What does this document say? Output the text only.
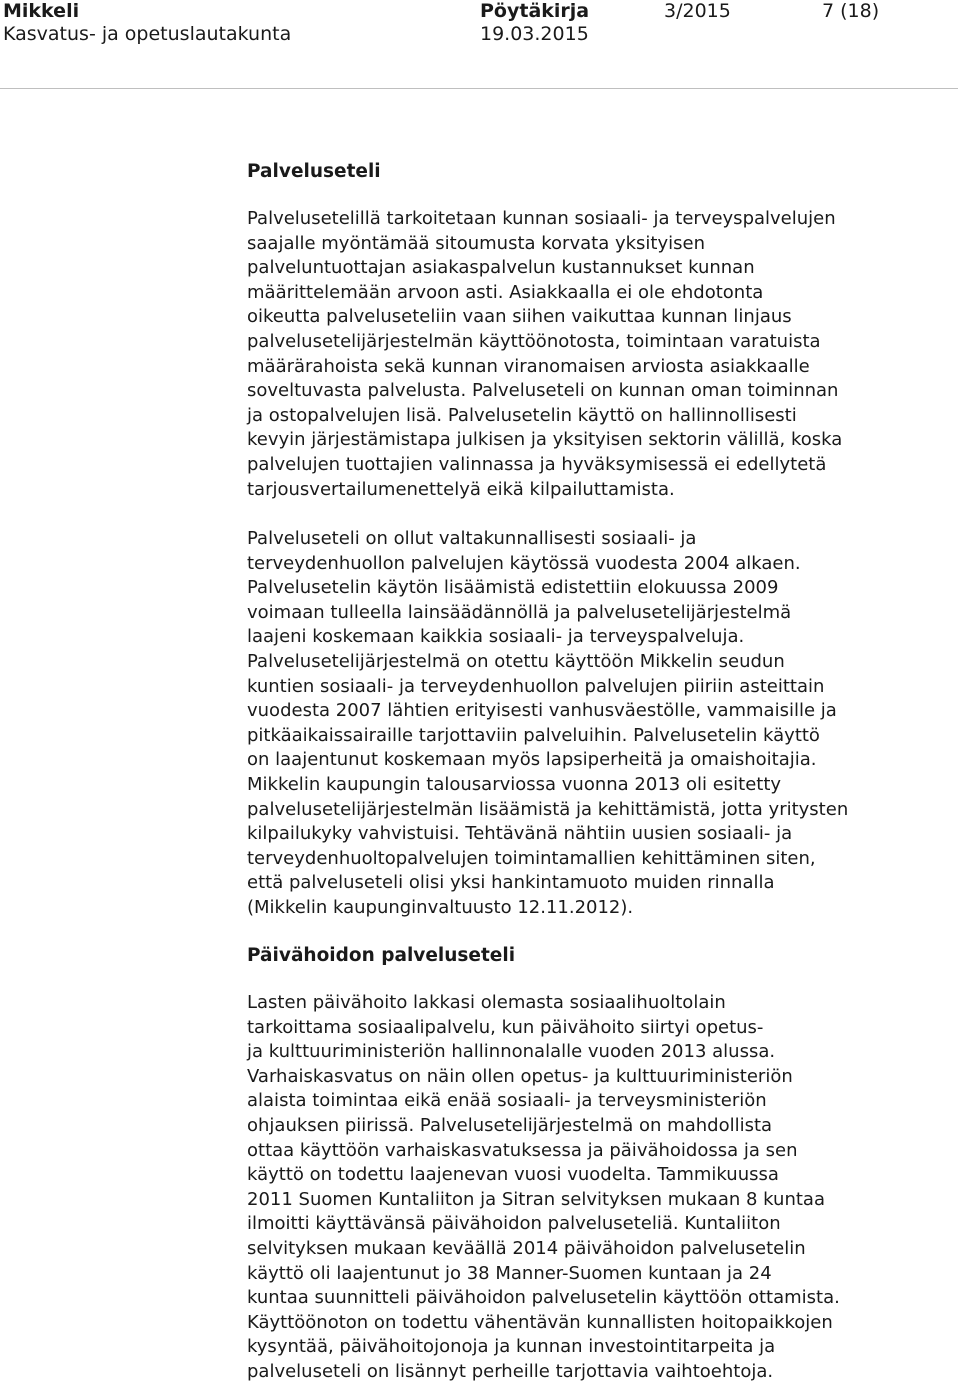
Mikkeli
Kasvatus- ja opetuslautakunta
Pöytäkirja
19.03.2015
3/2015	7 (18)
Palveluseteli

Palvelusetelillä tarkoitetaan kunnan sosiaali- ja terveyspalvelujen
saajalle myöntämää sitoumusta korvata yksityisen
palveluntuottajan asiakaspalvelun kustannukset kunnan
määrittelemään arvoon asti. Asiakkaalla ei ole ehdotonta
oikeutta palveluseteliin vaan siihen vaikuttaa kunnan linjaus
palvelusetelijärjestelmän käyttöönotosta, toimintaan varatuista
määrärahoista sekä kunnan viranomaisen arviosta asiakkaalle
soveltuvasta palvelusta. Palveluseteli on kunnan oman toiminnan
ja ostopalvelujen lisä. Palvelusetelin käyttö on hallinnollisesti
kevyin järjestämistapa julkisen ja yksityisen sektorin välillä, koska
palvelujen tuottajien valinnassa ja hyväksymisessä ei edellytetä
tarjousvertailumenettelyä eikä kilpailuttamista.

Palveluseteli on ollut valtakunnallisesti sosiaali- ja
terveydenhuollon palvelujen käytössä vuodesta 2004 alkaen.
Palvelusetelin käytön lisäämistä edistettiin elokuussa 2009
voimaan tulleella lainsäädännöllä ja palvelusetelijärjestelmä
laajeni koskemaan kaikkia sosiaali- ja terveyspalveluja.
Palvelusetelijärjestelmä on otettu käyttöön Mikkelin seudun
kuntien sosiaali- ja terveydenhuollon palvelujen piiriin asteittain
vuodesta 2007 lähtien erityisesti vanhusväestölle, vammaisille ja
pitkäaikaissairaille tarjottaviin palveluihin. Palvelusetelin käyttö
on laajentunut koskemaan myös lapsiperheitä ja omaishoitajia.
Mikkelin kaupungin talousarviossa vuonna 2013 oli esitetty
palvelusetelijärjestelmän lisäämistä ja kehittämistä, jotta yritysten
kilpailukyky vahvistuisi. Tehtävänä nähtiin uusien sosiaali- ja
terveydenhuoltopalvelujen toimintamallien kehittäminen siten,
että palveluseteli olisi yksi hankintamuoto muiden rinnalla
(Mikkelin kaupunginvaltuusto 12.11.2012).

Päivähoidon palveluseteli

Lasten päivähoito lakkasi olemasta sosiaalihuoltolain
tarkoittama sosiaalipalvelu, kun päivähoito siirtyi opetus-
ja kulttuuriministeriön hallinnonalalle vuoden 2013 alussa.
Varhaiskasvatus on näin ollen opetus- ja kulttuuriministeriön
alaista toimintaa eikä enää sosiaali- ja terveysministeriön
ohjauksen piirissä. Palvelusetelijärjestelmä on mahdollista
ottaa käyttöön varhaiskasvatuksessa ja päivähoidossa ja sen
käyttö on todettu laajenevan vuosi vuodelta. Tammikuussa
2011 Suomen Kuntaliiton ja Sitran selvityksen mukaan 8 kuntaa
ilmoitti käyttävänsä päivähoidon palveluseteliä. Kuntaliiton
selvityksen mukaan keväällä 2014 päivähoidon palvelusetelin
käyttö oli laajentunut jo 38 Manner-Suomen kuntaan ja 24
kuntaa suunnitteli päivähoidon palvelusetelin käyttöön ottamista.
Käyttöönoton on todettu vähentävän kunnallisten hoitopaikkojen
kysyntää, päivähoitojonoja ja kunnan investointitarpeita ja
palveluseteli on lisännyt perheille tarjottavia vaihtoehtoja.
